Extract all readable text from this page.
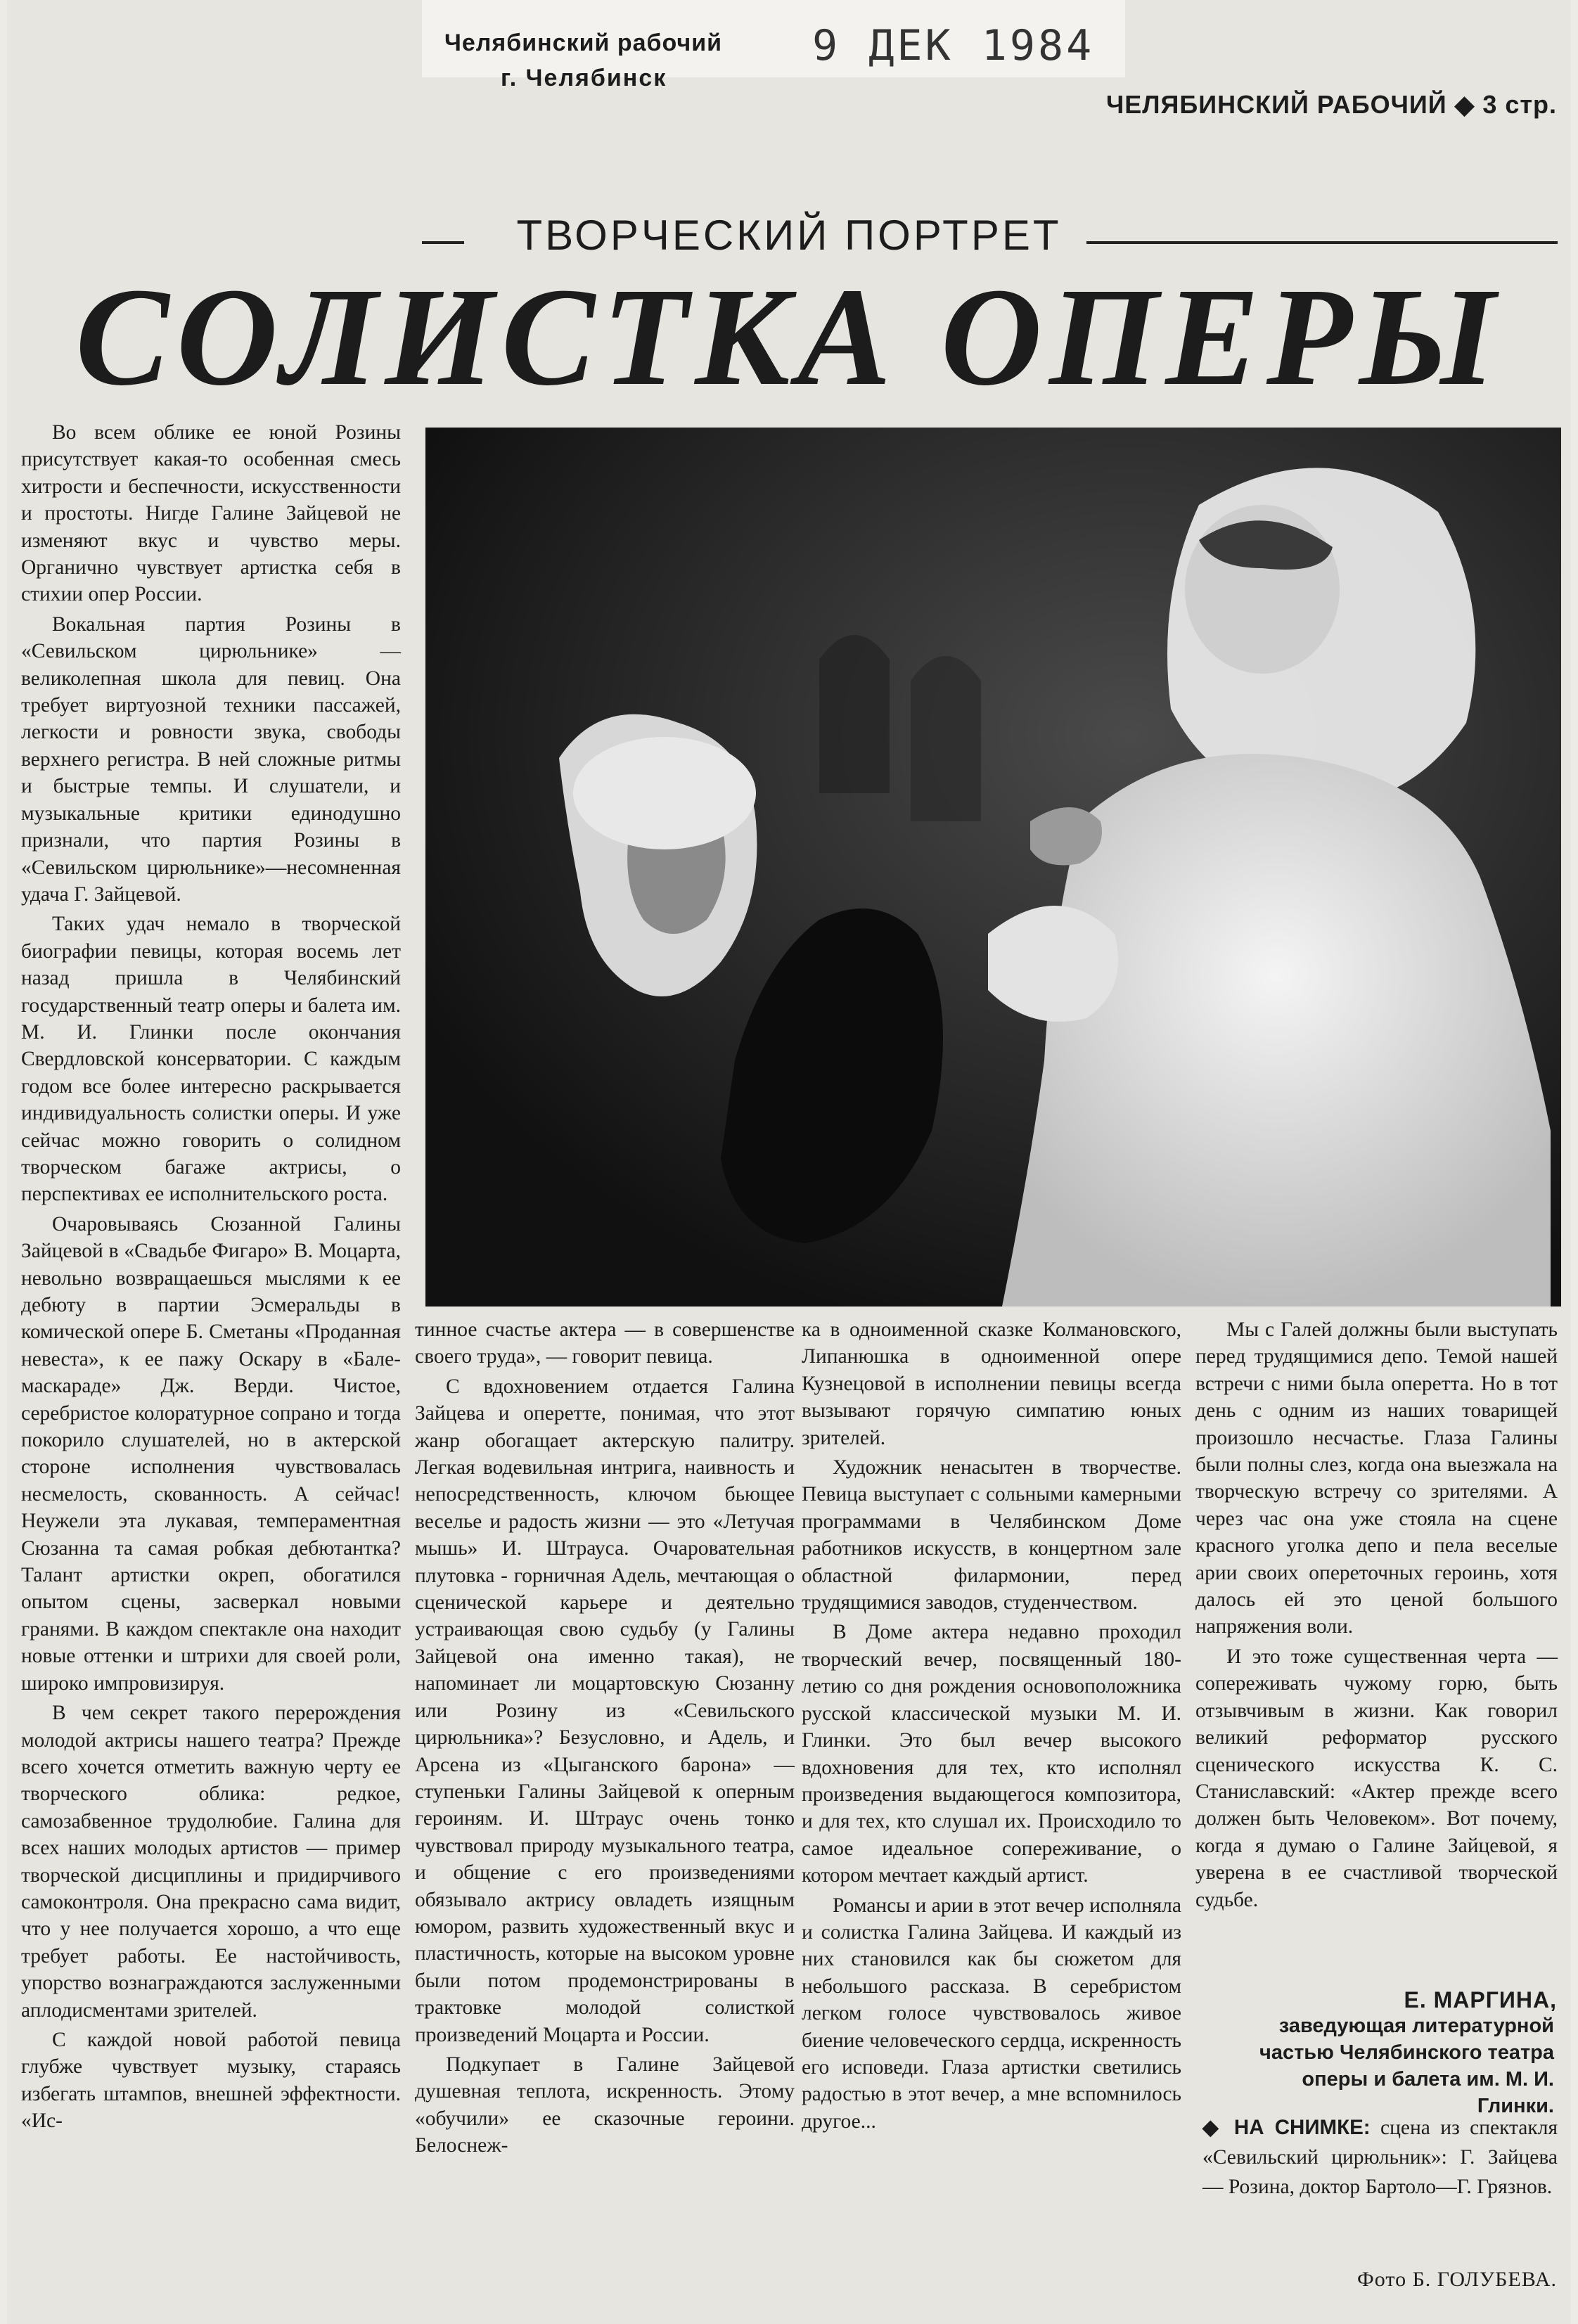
Челябинский рабочий
г. Челябинск
9 ДЕК 1984
ЧЕЛЯБИНСКИЙ РАБОЧИЙ ◆ 3 стр.
ТВОРЧЕСКИЙ ПОРТРЕТ
СОЛИСТКА ОПЕРЫ

Во всем облике ее юной Розины присутствует какая-то особенная смесь хитрости и беспечности, искусственности и простоты. Нигде Галине Зайцевой не изменяют вкус и чувство меры. Органично чувствует артистка себя в стихии опер России.

Вокальная партия Розины в «Севильском цирюльнике» — великолепная школа для певиц. Она требует виртуозной техники пассажей, легкости и ровности звука, свободы верхнего регистра. В ней сложные ритмы и быстрые темпы. И слушатели, и музыкальные критики единодушно признали, что партия Розины в «Севильском цирюльнике»—несомненная удача Г. Зайцевой.

Таких удач немало в творческой биографии певицы, которая восемь лет назад пришла в Челябинский государственный театр оперы и балета им. М. И. Глинки после окончания Свердловской консерватории. С каждым годом все более интересно раскрывается индивидуальность солистки оперы. И уже сейчас можно говорить о солидном творческом багаже актрисы, о перспективах ее исполнительского роста.

Очаровываясь Сюзанной Галины Зайцевой в «Свадьбе Фигаро» В. Моцарта, невольно возвращаешься мыслями к ее дебюту в партии Эсмеральды в комической опере Б. Сметаны «Проданная невеста», к ее пажу Оскару в «Бале-маскараде» Дж. Верди. Чистое, серебристое колоратурное сопрано и тогда покорило слушателей, но в актерской стороне исполнения чувствовалась несмелость, скованность. А сейчас! Неужели эта лукавая, темпераментная Сюзанна та самая робкая дебютантка? Талант артистки окреп, обогатился опытом сцены, засверкал новыми гранями. В каждом спектакле она находит новые оттенки и штрихи для своей роли, широко импровизируя.

В чем секрет такого перерождения молодой актрисы нашего театра? Прежде всего хочется отметить важную черту ее творческого облика: редкое, самозабвенное трудолюбие. Галина для всех наших молодых артистов — пример творческой дисциплины и придирчивого самоконтроля. Она прекрасно сама видит, что у нее получается хорошо, а что еще требует работы. Ее настойчивость, упорство вознаграждаются заслуженными аплодисментами зрителей.

С каждой новой работой певица глубже чувствует музыку, стараясь избегать штампов, внешней эффектности. «Ис-

тинное счастье актера — в совершенстве своего труда», — говорит певица.

С вдохновением отдается Галина Зайцева и оперетте, понимая, что этот жанр обогащает актерскую палитру. Легкая водевильная интрига, наивность и непосредственность, ключом бьющее веселье и радость жизни — это «Летучая мышь» И. Штрауса. Очаровательная плутовка - горничная Адель, мечтающая о сценической карьере и деятельно устраивающая свою судьбу (у Галины Зайцевой она именно такая), не напоминает ли моцартовскую Сюзанну или Розину из «Севильского цирюльника»? Безусловно, и Адель, и Арсена из «Цыганского барона» — ступеньки Галины Зайцевой к оперным героиням. И. Штраус очень тонко чувствовал природу музыкального театра, и общение с его произведениями обязывало актрису овладеть изящным юмором, развить художественный вкус и пластичность, которые на высоком уровне были потом продемонстрированы в трактовке молодой солисткой произведений Моцарта и России.

Подкупает в Галине Зайцевой душевная теплота, искренность. Этому «обучили» ее сказочные героини. Белоснеж-

ка в одноименной сказке Колмановского, Липанюшка в одноименной опере Кузнецовой в исполнении певицы всегда вызывают горячую симпатию юных зрителей.

Художник ненасытен в творчестве. Певица выступает с сольными камерными программами в Челябинском Доме работников искусств, в концертном зале областной филармонии, перед трудящимися заводов, студенчеством.

В Доме актера недавно проходил творческий вечер, посвященный 180-летию со дня рождения основоположника русской классической музыки М. И. Глинки. Это был вечер высокого вдохновения для тех, кто исполнял произведения выдающегося композитора, и для тех, кто слушал их. Происходило то самое идеальное сопереживание, о котором мечтает каждый артист.

Романсы и арии в этот вечер исполняла и солистка Галина Зайцева. И каждый из них становился как бы сюжетом для небольшого рассказа. В серебристом легком голосе чувствовалось живое биение человеческого сердца, искренность его исповеди. Глаза артистки светились радостью в этот вечер, а мне вспомнилось другое...

Мы с Галей должны были выступать перед трудящимися депо. Темой нашей встречи с ними была оперетта. Но в тот день с одним из наших товарищей произошло несчастье. Глаза Галины были полны слез, когда она выезжала на творческую встречу со зрителями. А через час она уже стояла на сцене красного уголка депо и пела веселые арии своих опереточных героинь, хотя далось ей это ценой большого напряжения воли.

И это тоже существенная черта — сопереживать чужому горю, быть отзывчивым в жизни. Как говорил великий реформатор русского сценического искусства К. С. Станиславский: «Актер прежде всего должен быть Человеком». Вот почему, когда я думаю о Галине Зайцевой, я уверена в ее счастливой творческой судьбе.

Е. МАРГИНА,
заведующая литературной частью Челябинского театра оперы и балета им. М. И. Глинки.
◆ НА СНИМКЕ: сцена из спектакля «Севильский цирюльник»: Г. Зайцева — Розина, доктор Бартоло—Г. Грязнов.
Фото Б. ГОЛУБЕВА.
